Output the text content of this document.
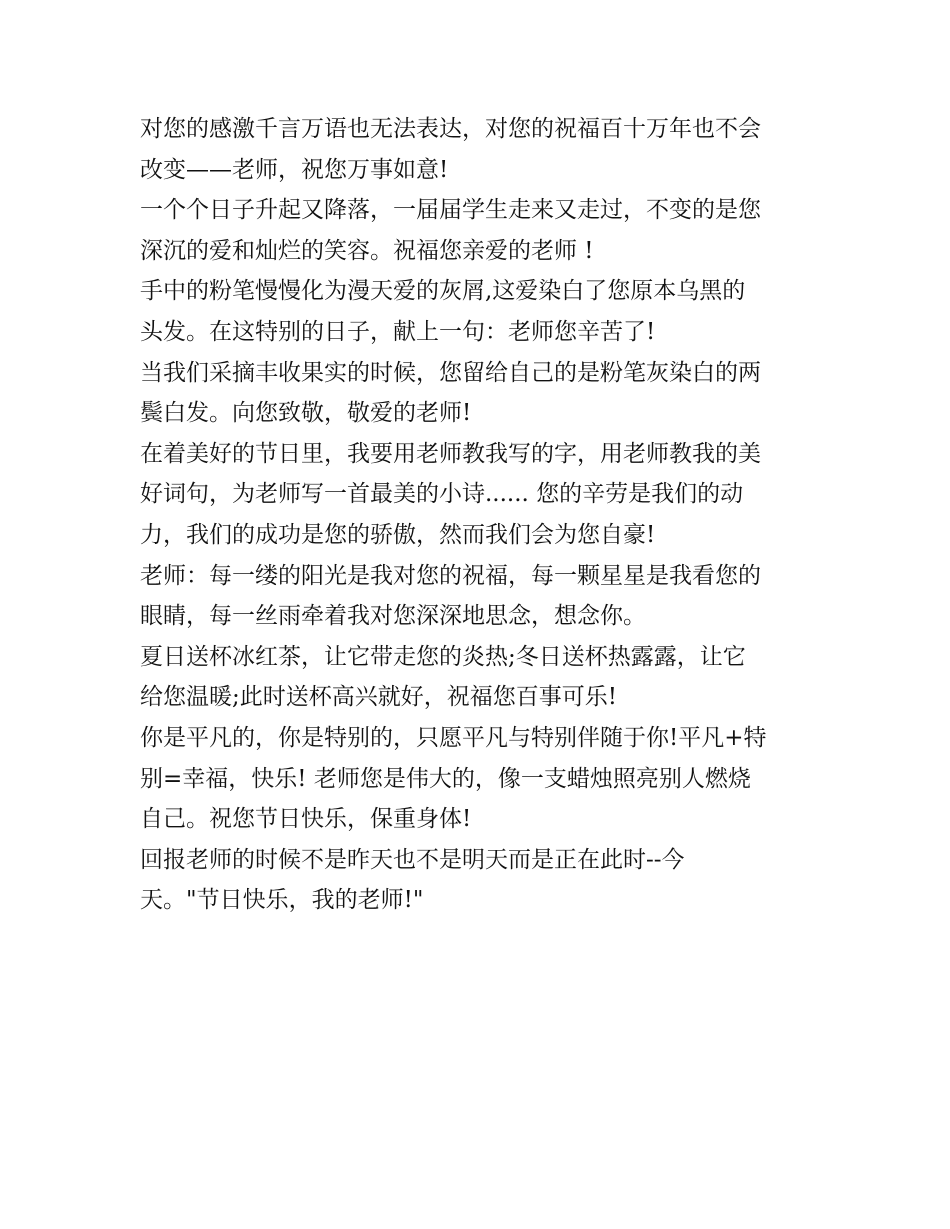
对您的感激千言万语也无法表达，对您的祝福百十万年也不会
改变——老师，祝您万事如意!
一个个日子升起又降落，一届届学生走来又走过，不变的是您
深沉的爱和灿烂的笑容。祝福您亲爱的老师 !
手中的粉笔慢慢化为漫天爱的灰屑,这爱染白了您原本乌黑的
头发。在这特别的日子，献上一句：老师您辛苦了!
当我们采摘丰收果实的时候，您留给自己的是粉笔灰染白的两
鬓白发。向您致敬，敬爱的老师!
在着美好的节日里，我要用老师教我写的字，用老师教我的美
好词句，为老师写一首最美的小诗...... 您的辛劳是我们的动
力，我们的成功是您的骄傲，然而我们会为您自豪!
老师：每一缕的阳光是我对您的祝福，每一颗星星是我看您的
眼睛，每一丝雨牵着我对您深深地思念，想念你。
夏日送杯冰红茶，让它带走您的炎热;冬日送杯热露露，让它
给您温暖;此时送杯高兴就好，祝福您百事可乐!
你是平凡的，你是特别的，只愿平凡与特别伴随于你!平凡+特
别=幸福，快乐! 老师您是伟大的，像一支蜡烛照亮别人燃烧
自己。祝您节日快乐，保重身体!
回报老师的时候不是昨天也不是明天而是正在此时--今
天。"节日快乐，我的老师!"
